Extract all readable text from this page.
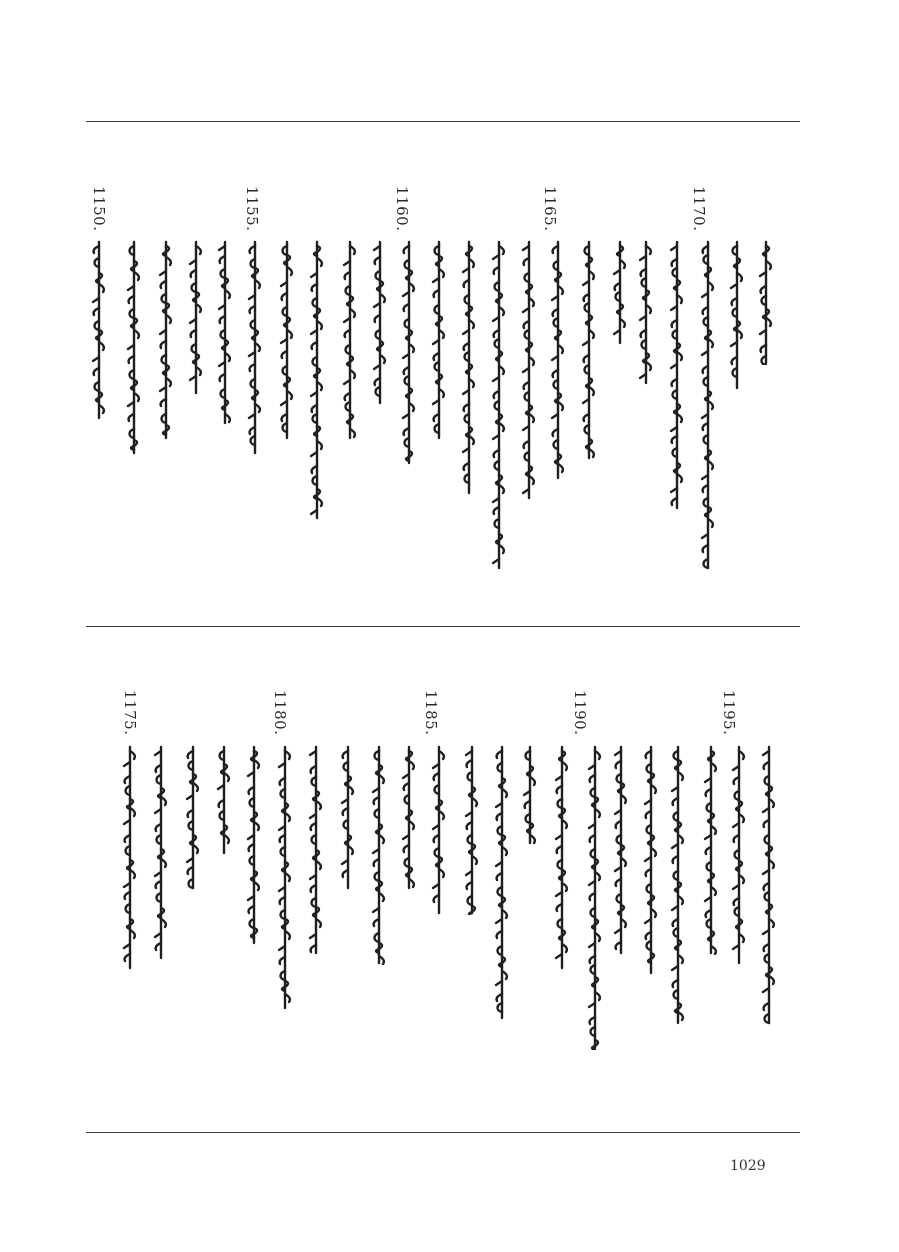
1150.	1155.	1160.	1165.	1170.
1175.	1180.	1185.	1190.	1195.
1029
